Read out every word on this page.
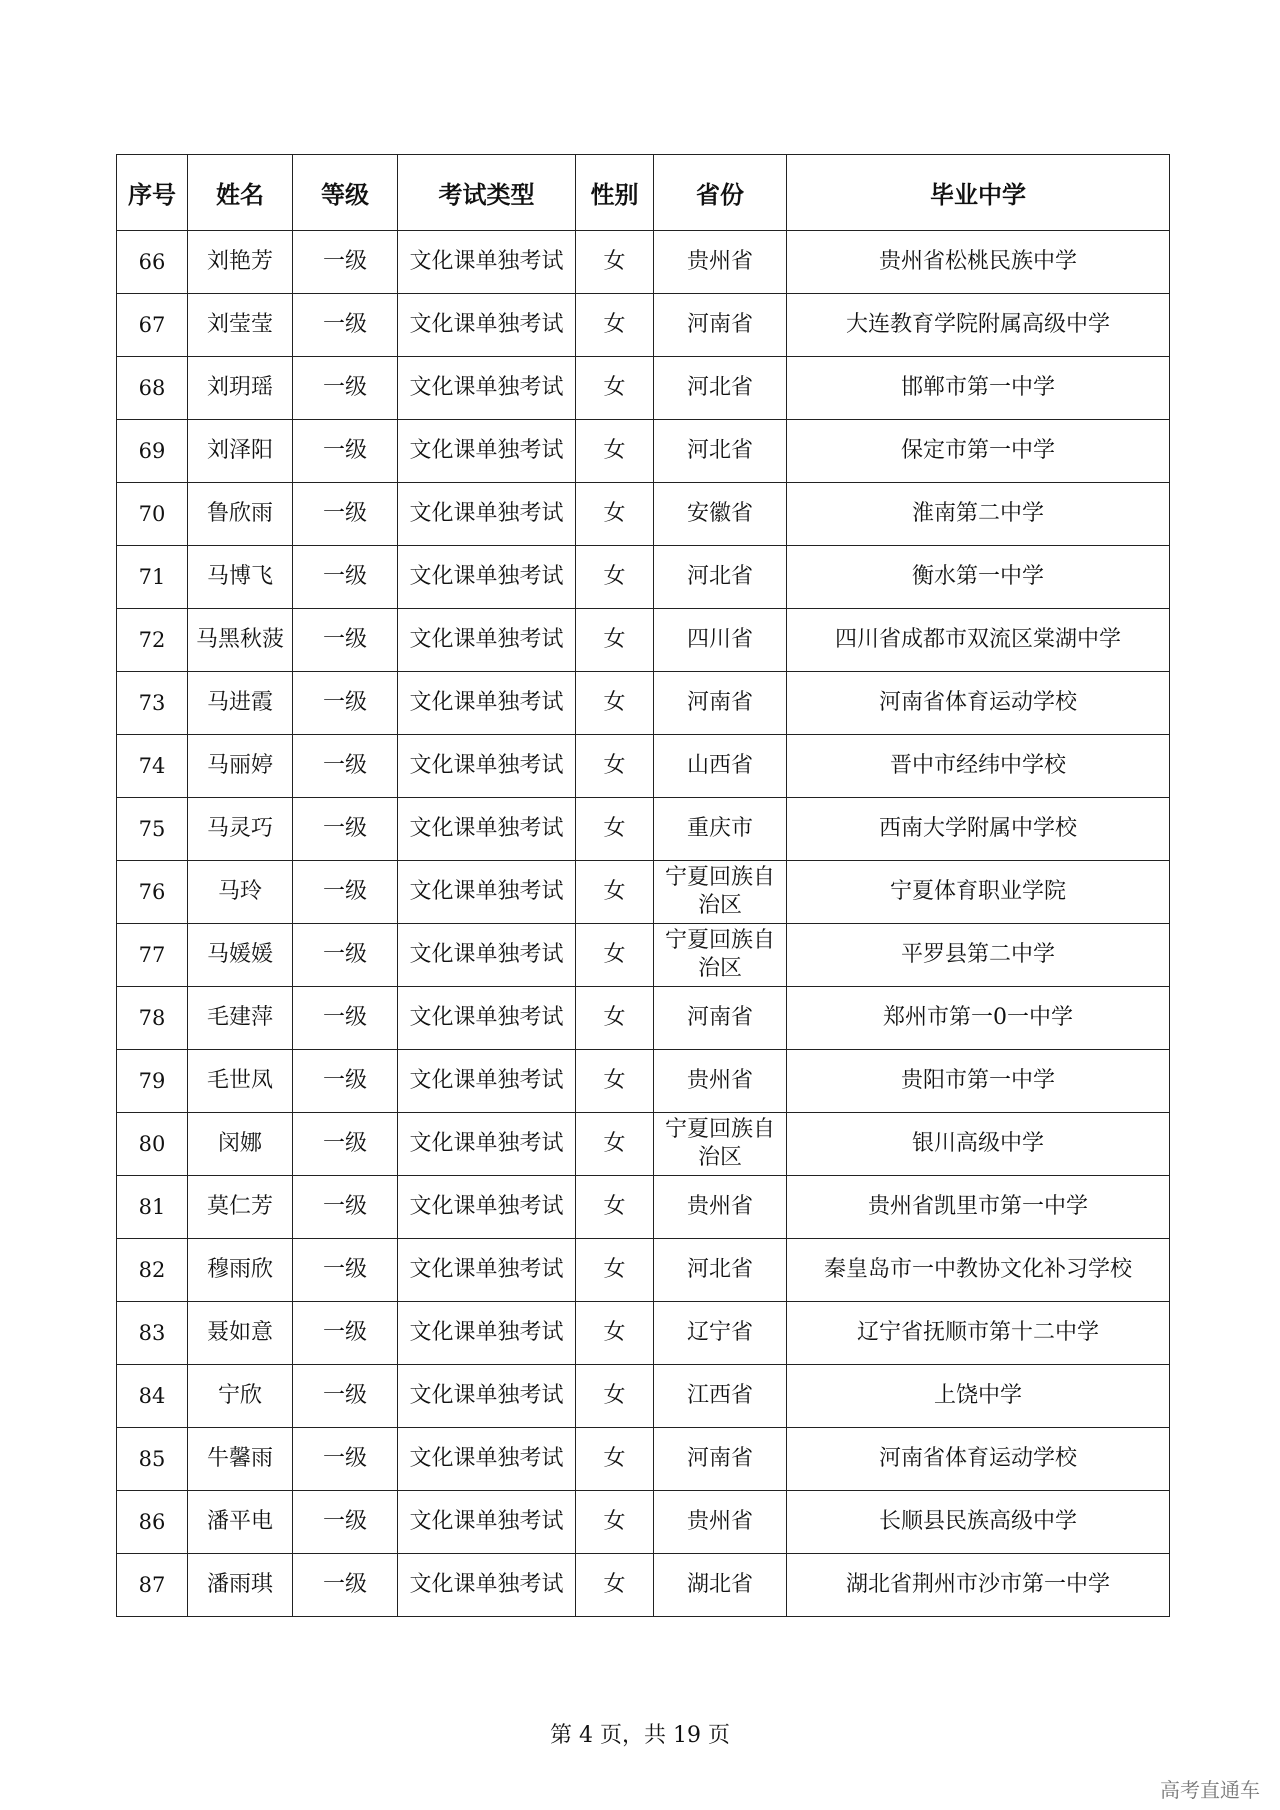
序号	姓名	等级	考试类型	性别	省份	毕业中学
66	刘艳芳	一级	文化课单独考试	女	贵州省	贵州省松桃民族中学
67	刘莹莹	一级	文化课单独考试	女	河南省	大连教育学院附属高级中学
68	刘玥瑶	一级	文化课单独考试	女	河北省	邯郸市第一中学
69	刘泽阳	一级	文化课单独考试	女	河北省	保定市第一中学
70	鲁欣雨	一级	文化课单独考试	女	安徽省	淮南第二中学
71	马博飞	一级	文化课单独考试	女	河北省	衡水第一中学
72	马黑秋菠	一级	文化课单独考试	女	四川省	四川省成都市双流区棠湖中学
73	马进霞	一级	文化课单独考试	女	河南省	河南省体育运动学校
74	马丽婷	一级	文化课单独考试	女	山西省	晋中市经纬中学校
75	马灵巧	一级	文化课单独考试	女	重庆市	西南大学附属中学校
76	马玲	一级	文化课单独考试	女	宁夏回族自治区	宁夏体育职业学院
77	马媛媛	一级	文化课单独考试	女	宁夏回族自治区	平罗县第二中学
78	毛建萍	一级	文化课单独考试	女	河南省	郑州市第一0一中学
79	毛世凤	一级	文化课单独考试	女	贵州省	贵阳市第一中学
80	闵娜	一级	文化课单独考试	女	宁夏回族自治区	银川高级中学
81	莫仁芳	一级	文化课单独考试	女	贵州省	贵州省凯里市第一中学
82	穆雨欣	一级	文化课单独考试	女	河北省	秦皇岛市一中教协文化补习学校
83	聂如意	一级	文化课单独考试	女	辽宁省	辽宁省抚顺市第十二中学
84	宁欣	一级	文化课单独考试	女	江西省	上饶中学
85	牛馨雨	一级	文化课单独考试	女	河南省	河南省体育运动学校
86	潘平电	一级	文化课单独考试	女	贵州省	长顺县民族高级中学
87	潘雨琪	一级	文化课单独考试	女	湖北省	湖北省荆州市沙市第一中学
第 4 页，共 19 页
高考直通车
